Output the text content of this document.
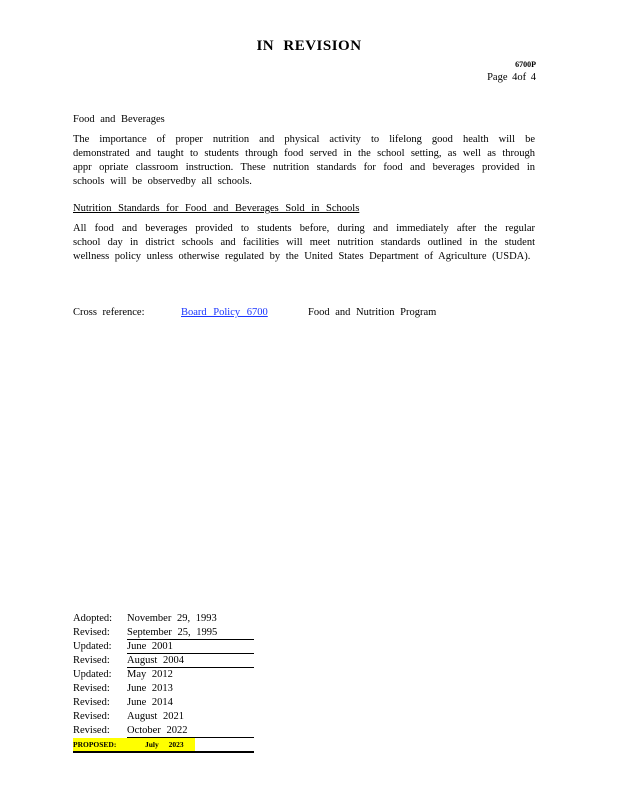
IN REVISION
6700P
Page 4of 4
Food and Beverages
The importance of proper nutrition and physical activity to lifelong good health will be demonstrated and taught to students through food served in the school setting, as well as through appr opriate classroom instruction. These nutrition standards for food and beverages provided in schools will be observedby all schools.
Nutrition Standards for Food and Beverages Sold in Schools
All food and beverages provided to students before, during and immediately after the regular school day in district schools and facilities will meet nutrition standards outlined in the student wellness policy unless otherwise regulated by the United States Department of Agriculture (USDA).
Cross reference:	Board Policy 6700	Food and Nutrition Program
Adopted: November 29, 1993
Revised: September 25, 1995
Updated: June 2001
Revised: August 2004
Updated: May 2012
Revised: June 2013
Revised: June 2014
Revised: August 2021
Revised: October 2022
PROPOSED:	July 2023
